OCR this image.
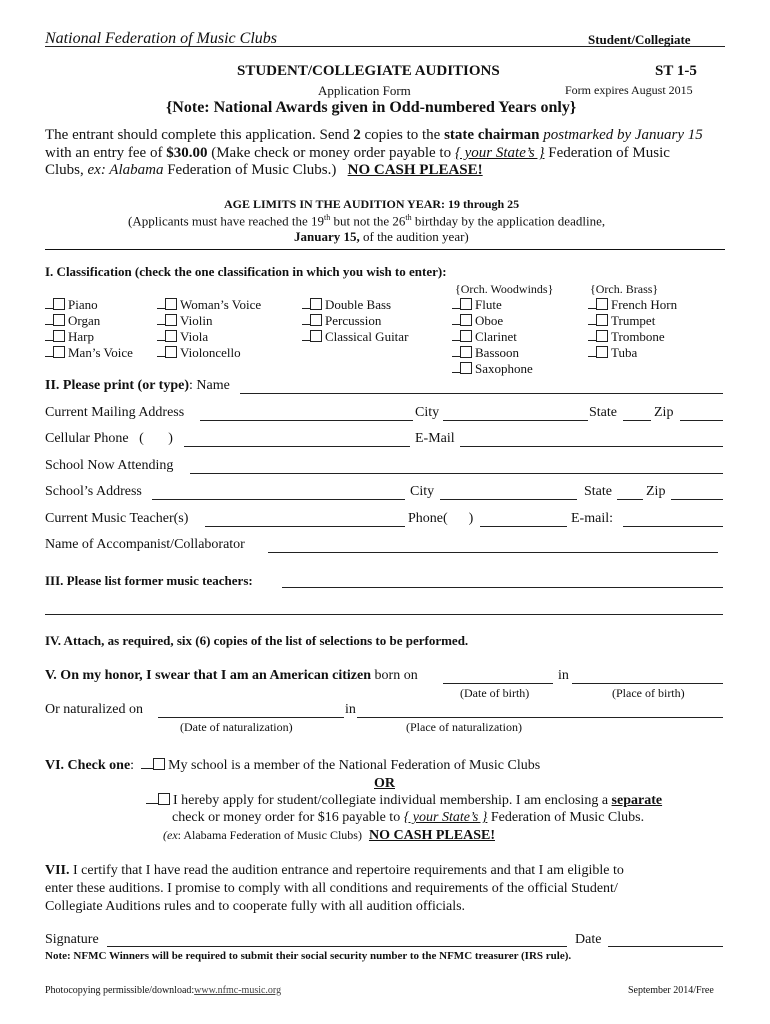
National Federation of Music Clubs	Student/Collegiate
STUDENT/COLLEGIATE AUDITIONS	ST 1-5
Application Form	Form expires August 2015
{Note: National Awards given in Odd-numbered Years only}
The entrant should complete this application. Send 2 copies to the state chairman postmarked by January 15
with an entry fee of $30.00 (Make check or money order payable to { your State’s } Federation of Music
Clubs, ex: Alabama Federation of Music Clubs.) NO CASH PLEASE!
AGE LIMITS IN THE AUDITION YEAR: 19 through 25
(Applicants must have reached the 19th but not the 26th birthday by the application deadline,
January 15, of the audition year)
I. Classification (check the one classification in which you wish to enter):
{Orch. Woodwinds}	{Orch. Brass}
Piano
Organ
Harp
Man’s Voice
Woman’s Voice
Violin
Viola
Violoncello
Double Bass
Percussion
Classical Guitar
Flute
Oboe
Clarinet
Bassoon
Saxophone
French Horn
Trumpet
Trombone
Tuba
II. Please print (or type): Name
Current Mailing Address	City	State	Zip
Cellular Phone   (       )	E-Mail
School Now Attending
School’s Address	City	State Zip
Current Music Teacher(s)	Phone(      )	E-mail:
Name of Accompanist/Collaborator
III. Please list former music teachers:
IV. Attach, as required, six (6) copies of the list of selections to be performed.
V. On my honor, I swear that I am an American citizen born on	in
(Date of birth)	(Place of birth)
Or naturalized on	in
(Date of naturalization)	(Place of naturalization)
VI. Check one:  My school is a member of the National Federation of Music Clubs
OR
I hereby apply for student/collegiate individual membership. I am enclosing a separate
check or money order for $16 payable to { your State’s } Federation of Music Clubs.
(ex: Alabama Federation of Music Clubs) NO CASH PLEASE!
VII. I certify that I have read the audition entrance and repertoire requirements and that I am eligible to
enter these auditions. I promise to comply with all conditions and requirements of the official Student/
Collegiate Auditions rules and to cooperate fully with all audition officials.
Signature	Date
Note: NFMC Winners will be required to submit their social security number to the NFMC treasurer (IRS rule).
Photocopying permissible/download:www.nfmc-music.org	September 2014/Free
